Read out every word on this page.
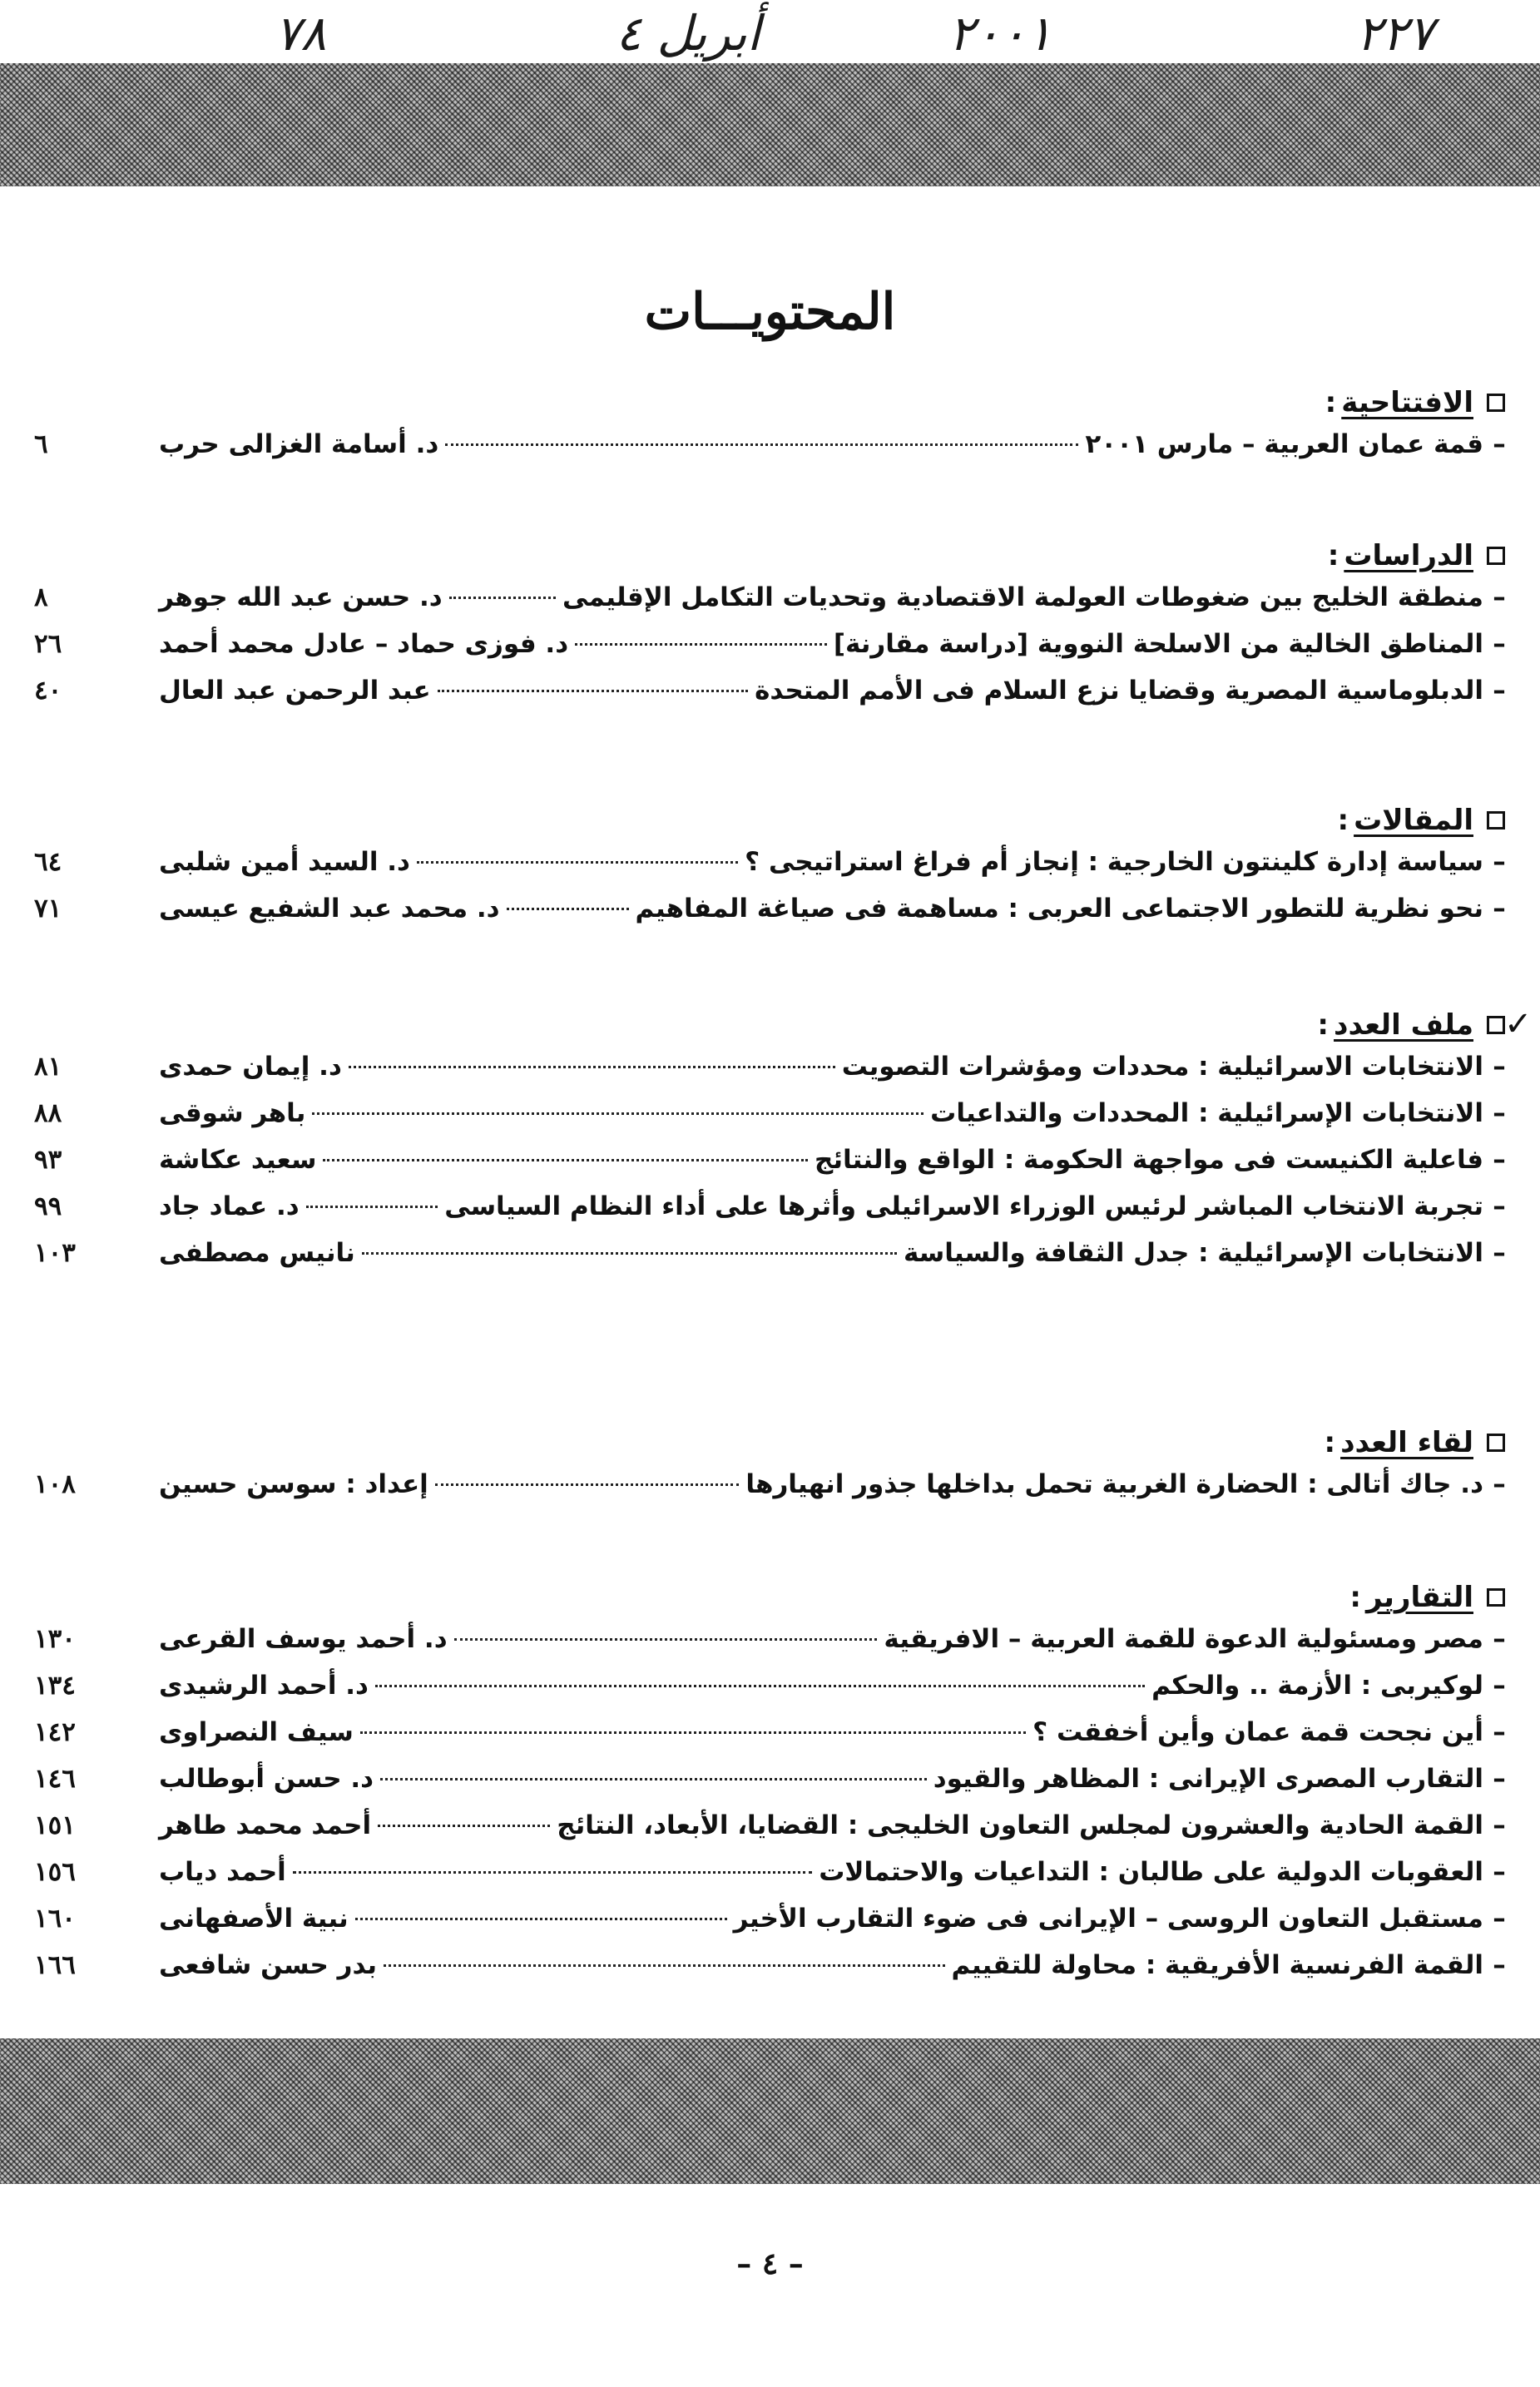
٢٢٧
٢٠٠١
أبريل ٤
٧٨
المحتويـــات
الافتتاحية
:
–
قمة عمان العربية – مارس ٢٠٠١
د. أسامة الغزالى حرب
٦
الدراسات
:
–
منطقة الخليج بين ضغوطات العولمة الاقتصادية وتحديات التكامل الإقليمى
د. حسن عبد الله جوهر
٨
–
المناطق الخالية من الاسلحة النووية [دراسة مقارنة]
د. فوزى حماد – عادل محمد أحمد
٢٦
–
الدبلوماسية المصرية وقضايا نزع السلام فى الأمم المتحدة
عبد الرحمن عبد العال
٤٠
المقالات
:
–
سياسة إدارة كلينتون الخارجية : إنجاز أم فراغ استراتيجى ؟
د. السيد أمين شلبى
٦٤
–
نحو نظرية للتطور الاجتماعى العربى : مساهمة فى صياغة المفاهيم
د. محمد عبد الشفيع عيسى
٧١
ملف العدد
:
–
الانتخابات الاسرائيلية : محددات ومؤشرات التصويت
د. إيمان حمدى
٨١
–
الانتخابات الإسرائيلية : المحددات والتداعيات
باهر شوقى
٨٨
–
فاعلية الكنيست فى مواجهة الحكومة : الواقع والنتائج
سعيد عكاشة
٩٣
–
تجربة الانتخاب المباشر لرئيس الوزراء الاسرائيلى وأثرها على أداء النظام السياسى
د. عماد جاد
٩٩
–
الانتخابات الإسرائيلية : جدل الثقافة والسياسة
نانيس مصطفى
١٠٣
✓
لقاء العدد
:
–
د. جاك أتالى : الحضارة الغربية تحمل بداخلها جذور انهيارها
إعداد : سوسن حسين
١٠٨
التقارير
:
–
مصر ومسئولية الدعوة للقمة العربية – الافريقية
د. أحمد يوسف القرعى
١٣٠
–
لوكيربى : الأزمة .. والحكم
د. أحمد الرشيدى
١٣٤
–
أين نجحت قمة عمان وأين أخفقت ؟
سيف النصراوى
١٤٢
–
التقارب المصرى الإيرانى : المظاهر والقيود
د. حسن أبوطالب
١٤٦
–
القمة الحادية والعشرون لمجلس التعاون الخليجى : القضايا، الأبعاد، النتائج
أحمد محمد طاهر
١٥١
–
العقوبات الدولية على طالبان : التداعيات والاحتمالات
أحمد دياب
١٥٦
–
مستقبل التعاون الروسى – الإيرانى فى ضوء التقارب الأخير
نبية الأصفهانى
١٦٠
–
القمة الفرنسية الأفريقية : محاولة للتقييم
بدر حسن شافعى
١٦٦
– ٤ –
